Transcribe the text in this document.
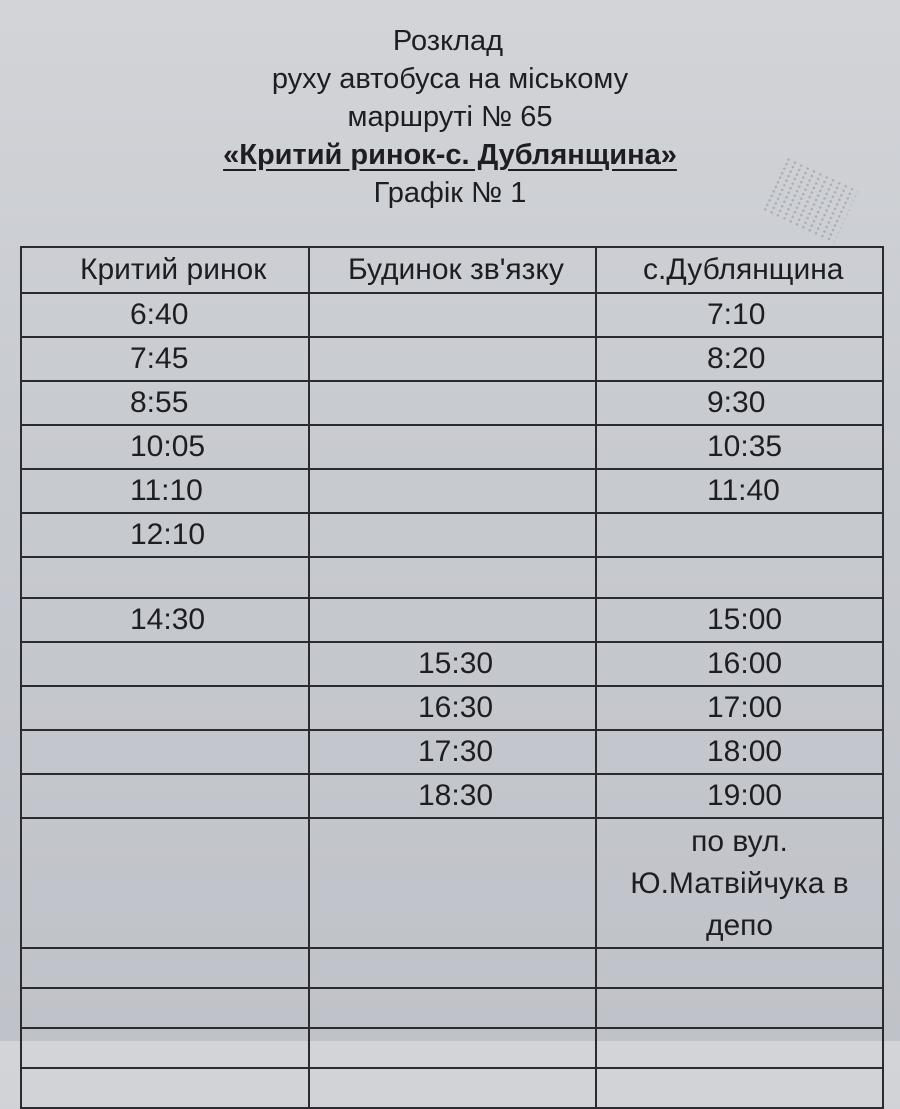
Розклад
руху автобуса на міському
маршруті № 65
«Критий ринок-с. Дублянщина»
Графік № 1
Критий ринок	Будинок зв'язку	с.Дублянщина
6:40		7:10
7:45		8:20
8:55		9:30
10:05		10:35
11:10		11:40
12:10		

14:30		15:00
	15:30	16:00
	16:30	17:00
	17:30	18:00
	18:30	19:00
		по вул. Ю.Матвійчука в депо
